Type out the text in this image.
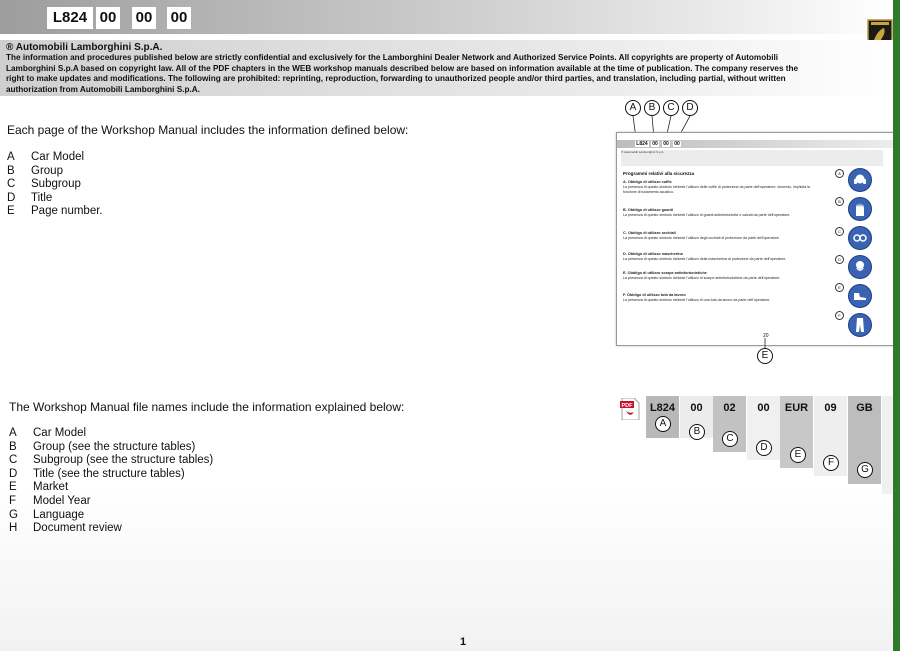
L824 00 00 00
® Automobili Lamborghini S.p.A.
The information and procedures published below are strictly confidential and exclusively for the Lamborghini Dealer Network and Authorized Service Points. All copyrights are property of Automobili Lamborghini S.p.A based on copyright law. All of the PDF chapters in the WEB workshop manuals described below are based on information available at the time of publication. The company reserves the right to make updates and modifications. The following are prohibited: reprinting, reproduction, forwarding to unauthorized people and/or third parties, and translation, including partial, without written authorization from Automobili Lamborghini S.p.A.
Each page of the Workshop Manual includes the information defined below:
A	Car Model
B	Group
C	Subgroup
D	Title
E	Page number.
A	B	C	D
L824 00 00 00
® Automobili Lamborghini S.p.A.
Programmi relativi alla sicurezza
A. Obbligo di utilizzo cuffie
La presenza di questo simbolo richiede l'utilizzo delle cuffie di protezione da parte dell'operatore, dovendo, implicita la funzione di isolamento acustico.
B. Obbligo di utilizzo guanti
La presenza di questo simbolo richiede l'utilizzo di guanti antinfortunistici e calzati da parte dell'operatore.
C. Obbligo di utilizzo occhiali
La presenza di questo simbolo richiede l'utilizzo degli occhiali di protezione da parte dell'operatore.
D. Obbligo di utilizzo mascherina
La presenza di questo simbolo richiede l'utilizzo della mascherina di protezione da parte dell'operatore.
E. Obbligo di utilizzo scarpe antinfortunistiche
La presenza di questo simbolo richiede l'utilizzo di scarpe antinfortunistiche da parte dell'operatore.
F. Obbligo di utilizzo tuta da lavoro
La presenza di questo simbolo richiede l'utilizzo di una tuta da lavoro da parte dell'operatore.
A
B
C
D
E
F
20
E
The Workshop Manual file names include the information explained below:
A	Car Model
B	Group (see the structure tables)
C	Subgroup (see the structure tables)
D	Title (see the structure tables)
E	Market
F	Model Year
G	Language
H	Document review
PDF	L824	00	02	00	EUR	09	GB
A
B
C
D
E
F
G
1
